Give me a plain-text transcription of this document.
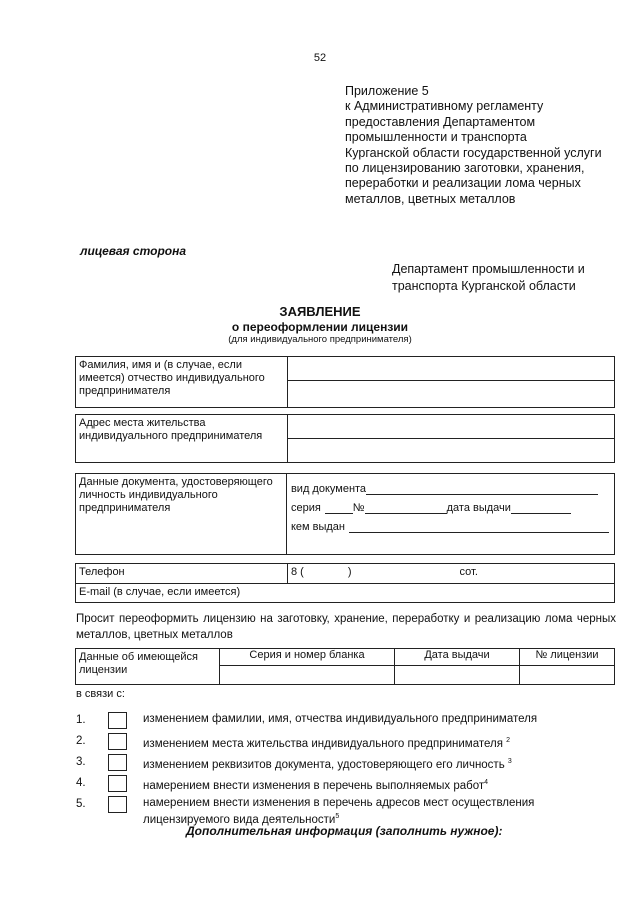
52
Приложение 5
к Административному регламенту
предоставления Департаментом
промышленности и транспорта
Курганской области государственной услуги
по лицензированию заготовки, хранения,
переработки и реализации лома черных
металлов, цветных металлов
лицевая сторона
Департамент промышленности и
транспорта Курганской области
ЗАЯВЛЕНИЕ
о переоформлении лицензии
(для индивидуального предпринимателя)
Фамилия, имя и (в случае, если имеется) отчество индивидуального предпринимателя	
Адрес места жительства индивидуального предпринимателя	
Данные документа, удостоверяющего личность индивидуального предпринимателя	
вид документа
серия	№	дата выдачи
кем выдан
Телефон	8 ( ) сот.
E-mail (в случае, если имеется)	
Просит переоформить лицензию на заготовку, хранение, переработку и реализацию лома черных металлов, цветных металлов
Данные об имеющейся лицензии	Серия и номер бланка	Дата выдачи	№ лицензии

в связи с:
1.	изменением фамилии, имя, отчества индивидуального предпринимателя
2.	изменением места жительства индивидуального предпринимателя $^2$
3.	изменением реквизитов документа, удостоверяющего его личность $^3$
4.	намерением внести изменения в перечень выполняемых работ$^4$
5.	намерением внести изменения в перечень адресов мест осуществления лицензируемого вида деятельности$^5$
Дополнительная информация (заполнить нужное):
